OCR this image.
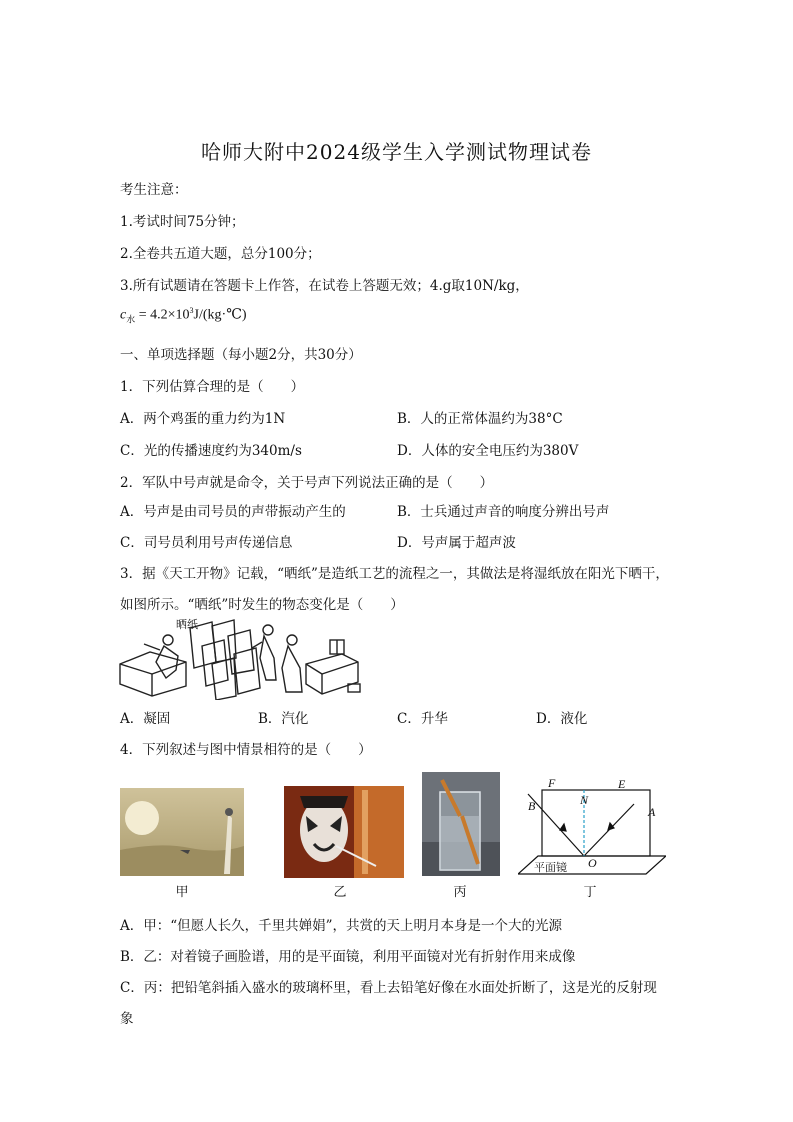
哈师大附中2024级学生入学测试物理试卷
考生注意：
1.考试时间75分钟；
2.全卷共五道大题，总分100分；
3.所有试题请在答题卡上作答，在试卷上答题无效；4.g取10N/kg，
$c_水$ = $4.2\times 10^3J/(kg\cdot℃)$
一、单项选择题（每小题2分，共30分）
1．下列估算合理的是（　　）
A．两个鸡蛋的重力约为1N	B．人的正常体温约为38°C
C．光的传播速度约为340m/s	D．人体的安全电压约为380V
2．军队中号声就是命令，关于号声下列说法正确的是（　　）
A．号声是由司号员的声带振动产生的	B．士兵通过声音的响度分辨出号声
C．司号员利用号声传递信息	D．号声属于超声波
3．据《天工开物》记载，“晒纸”是造纸工艺的流程之一，其做法是将湿纸放在阳光下晒干，
如图所示。“晒纸”时发生的物态变化是（　　）
晒纸
A．凝固	B．汽化	C．升华	D．液化
4．下列叙述与图中情景相符的是（　　）
甲	乙	丙
F	E
N
B	A
O
平面镜
丁
A．甲：“但愿人长久，千里共婵娟”，共赏的天上明月本身是一个大的光源
B．乙：对着镜子画脸谱，用的是平面镜，利用平面镜对光有折射作用来成像
C．丙：把铅笔斜插入盛水的玻璃杯里，看上去铅笔好像在水面处折断了，这是光的反射现
象
